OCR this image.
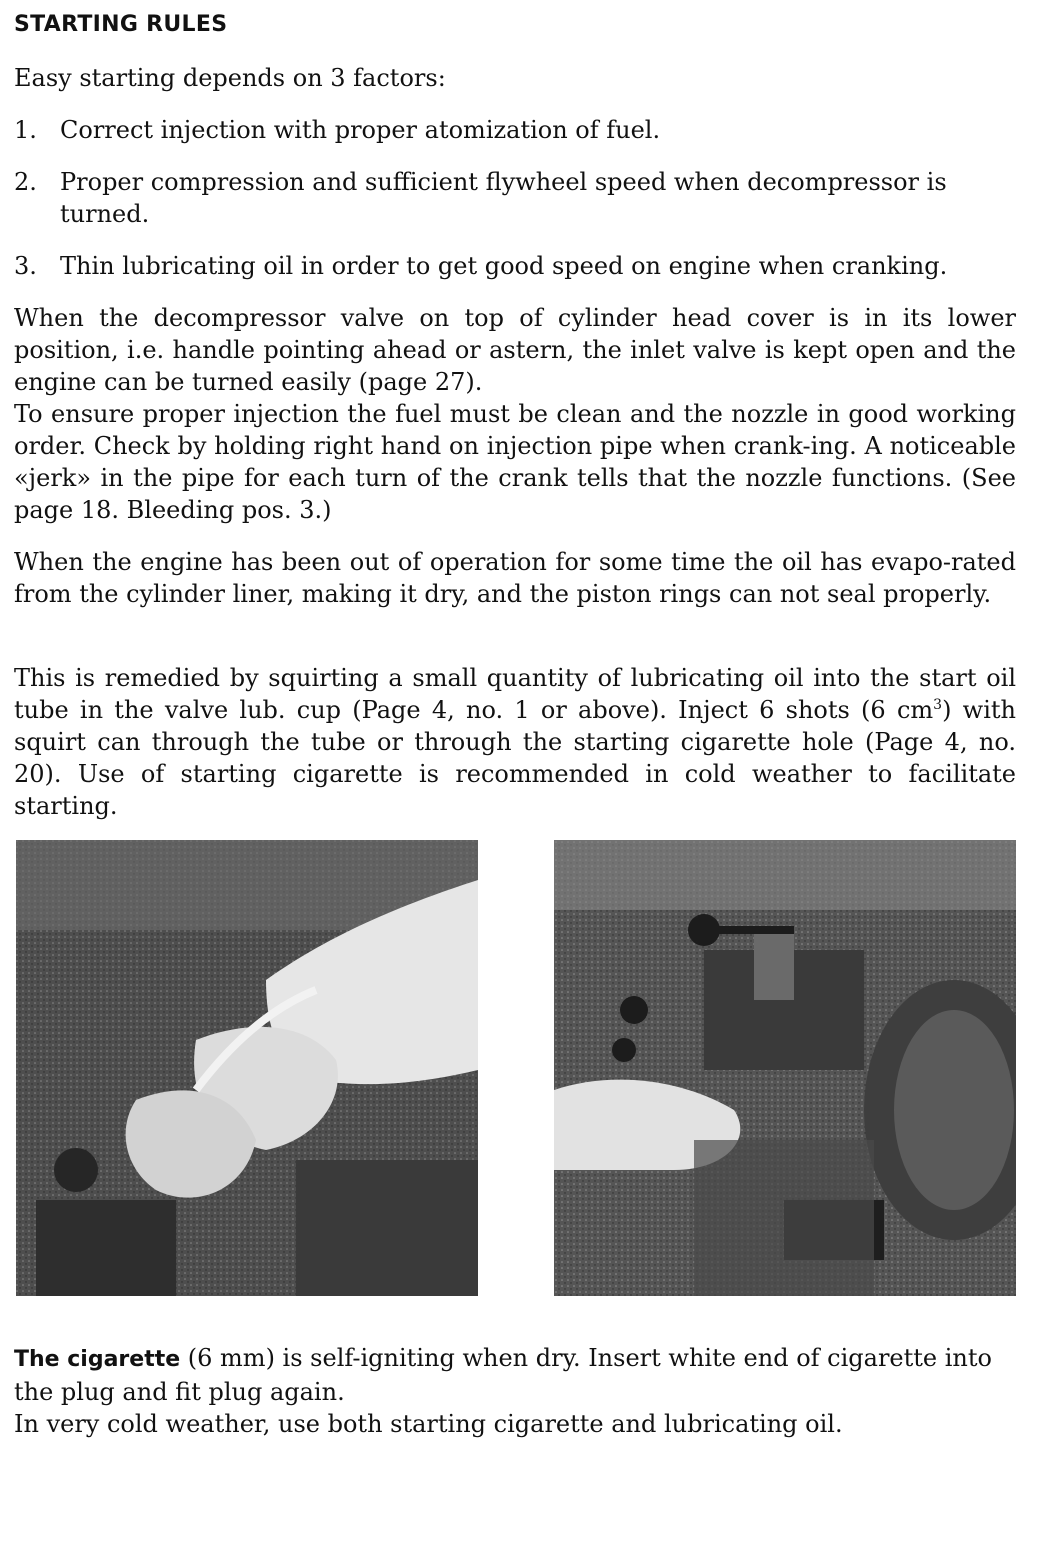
STARTING RULES

Easy starting depends on 3 factors:

1. Correct injection with proper atomization of fuel.
2. Proper compression and sufficient flywheel speed when decompressor is turned.
3. Thin lubricating oil in order to get good speed on engine when cranking.

When the decompressor valve on top of cylinder head cover is in its lower position, i.e. handle pointing ahead or astern, the inlet valve is kept open and the engine can be turned easily (page 27).

To ensure proper injection the fuel must be clean and the nozzle in good working order. Check by holding right hand on injection pipe when crank-ing. A noticeable «jerk» in the pipe for each turn of the crank tells that the nozzle functions. (See page 18. Bleeding pos. 3.)

When the engine has been out of operation for some time the oil has evapo-rated from the cylinder liner, making it dry, and the piston rings can not seal properly.

This is remedied by squirting a small quantity of lubricating oil into the start oil tube in the valve lub. cup (Page 4, no. 1 or above). Inject 6 shots (6 $cm^3$) with squirt can through the tube or through the starting cigarette hole (Page 4, no. 20). Use of starting cigarette is recommended in cold weather to facilitate starting.

The cigarette (6 mm) is self-igniting when dry. Insert white end of cigarette into the plug and fit plug again.
In very cold weather, use both starting cigarette and lubricating oil.
